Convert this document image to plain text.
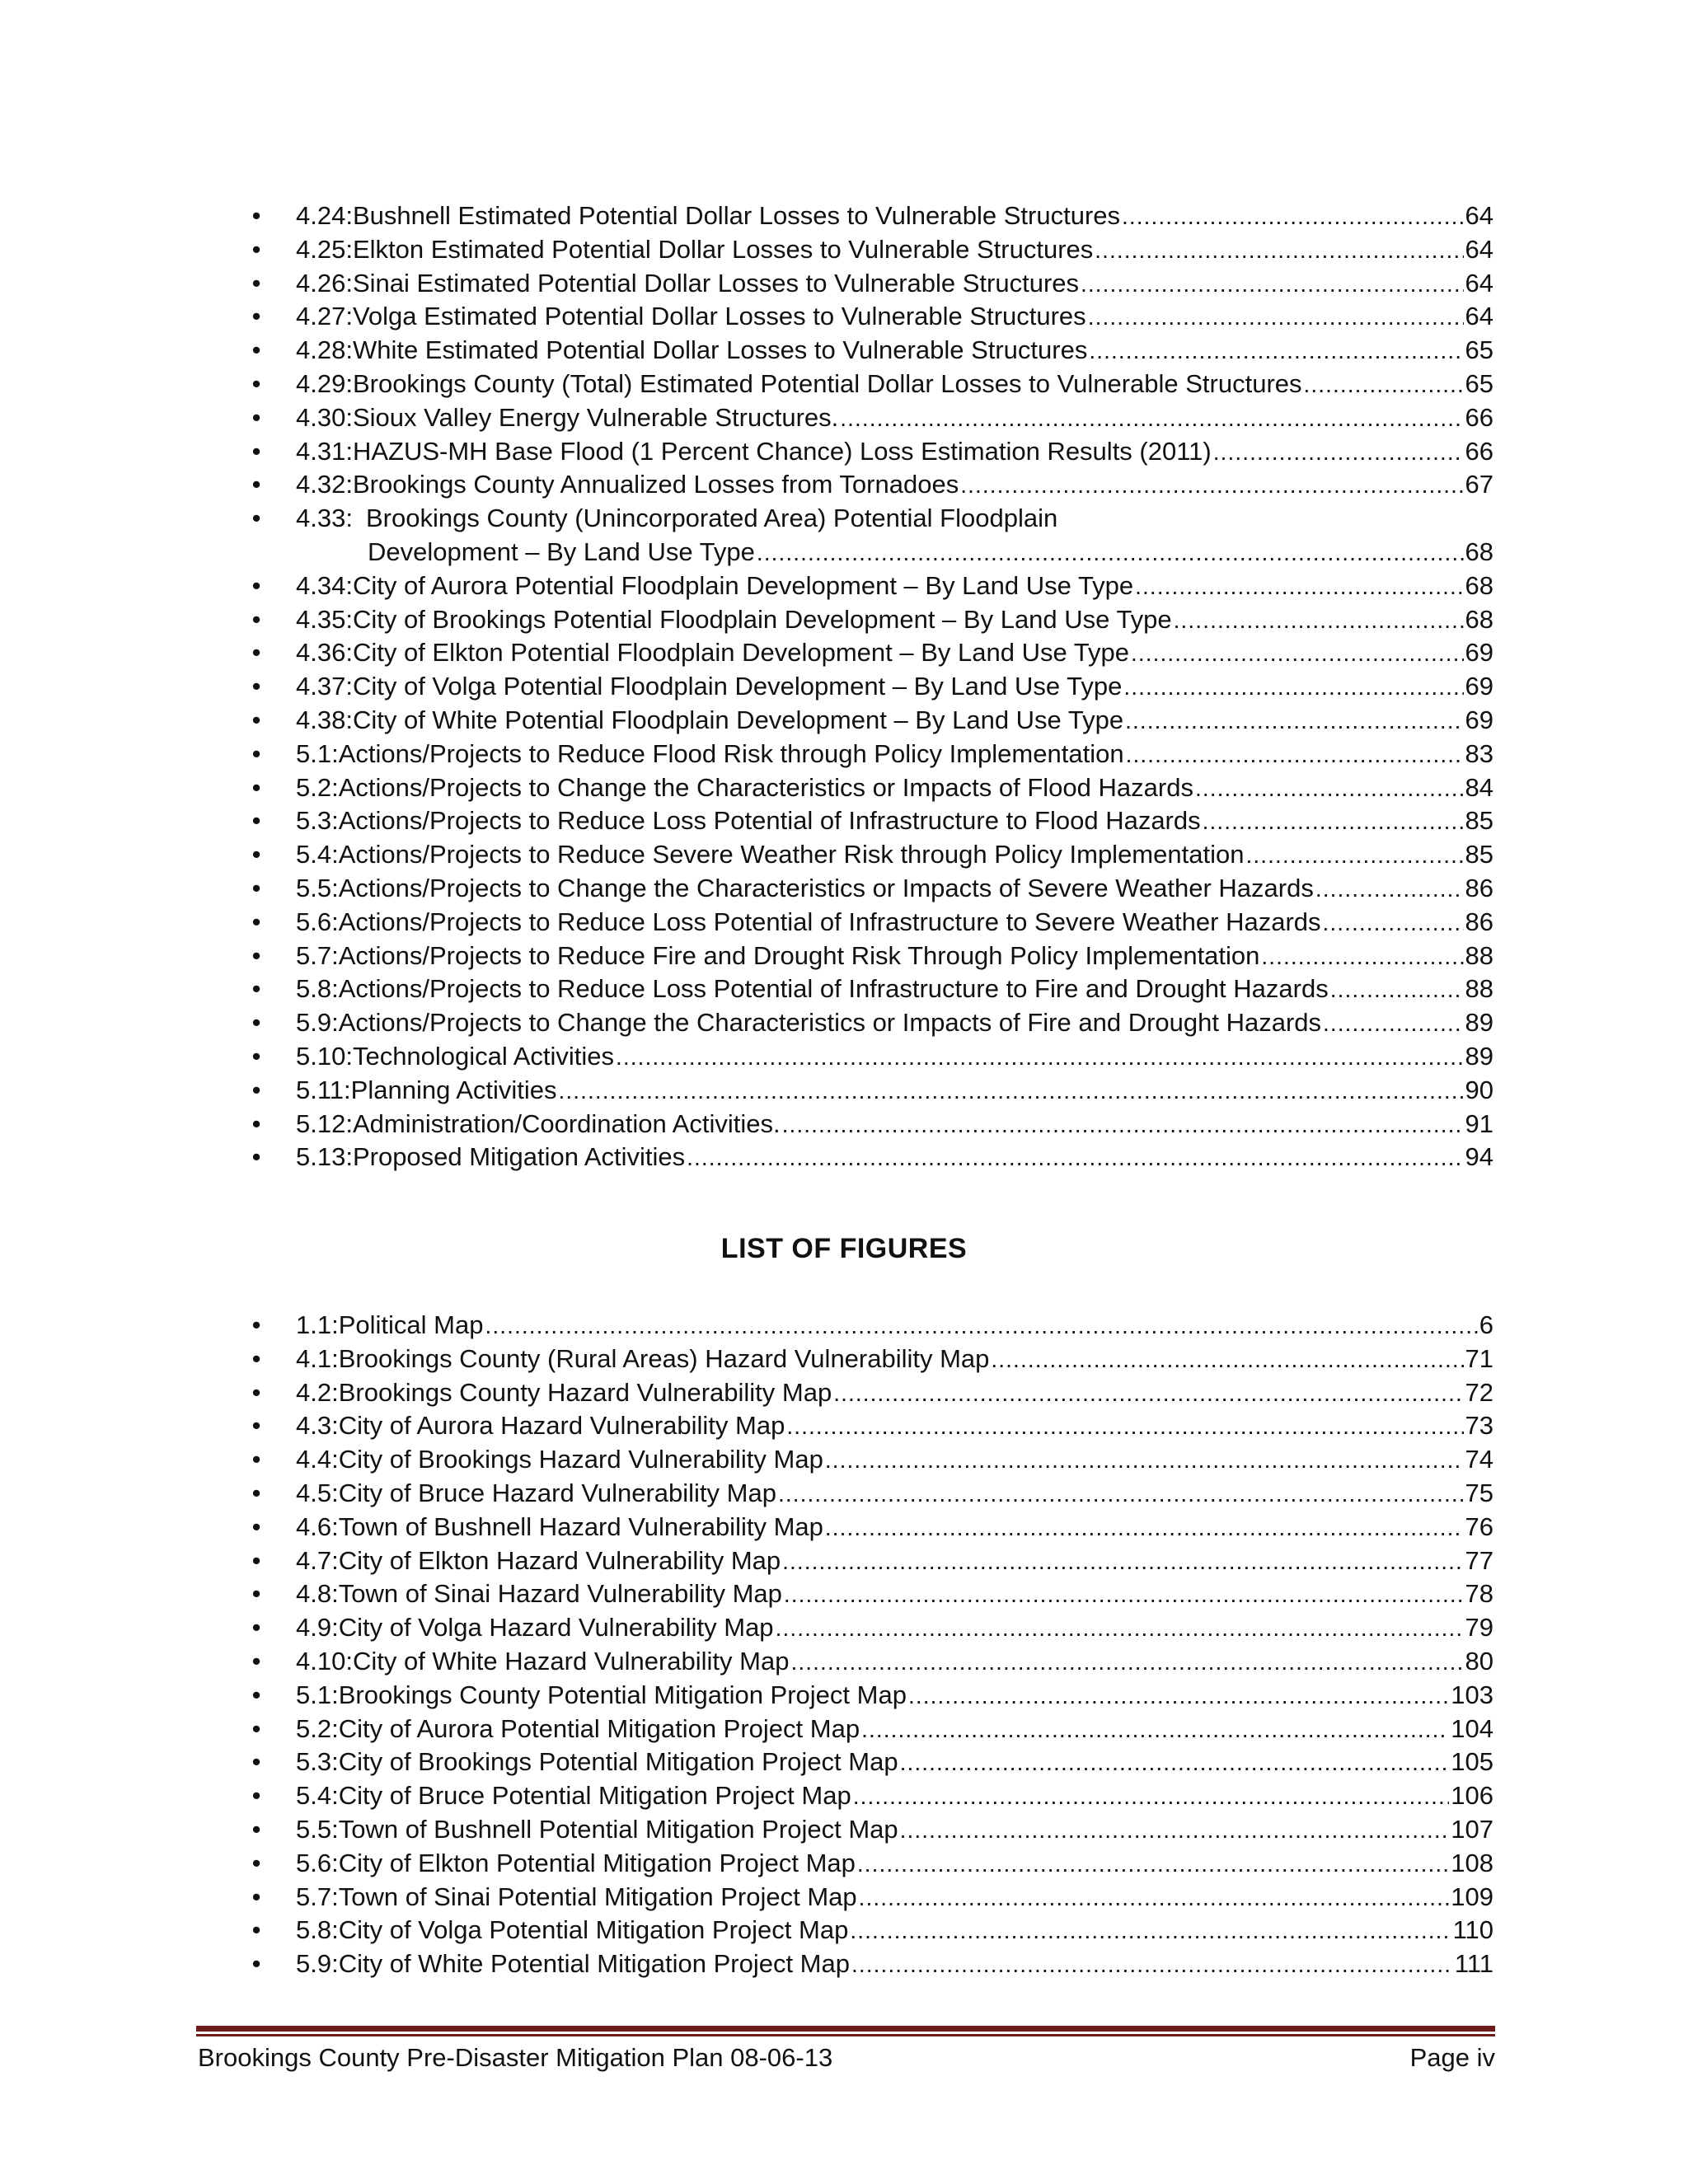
• 4.24: Bushnell Estimated Potential Dollar Losses to Vulnerable Structures .....	64
• 4.25: Elkton Estimated Potential Dollar Losses to Vulnerable Structures .....	64
• 4.26: Sinai Estimated Potential Dollar Losses to Vulnerable Structures .....	64
• 4.27: Volga Estimated Potential Dollar Losses to Vulnerable Structures .....	64
• 4.28: White Estimated Potential Dollar Losses to Vulnerable Structures .....	65
• 4.29: Brookings County (Total) Estimated Potential Dollar Losses to Vulnerable Structures .....	65
• 4.30: Sioux Valley Energy Vulnerable Structures. .....	66
• 4.31: HAZUS-MH Base Flood (1 Percent Chance) Loss Estimation Results (2011) .....	66
• 4.32: Brookings County Annualized Losses from Tornadoes .....	67
• 4.33: Brookings County (Unincorporated Area) Potential Floodplain
Development – By Land Use Type .....	68
• 4.34: City of Aurora Potential Floodplain Development – By Land Use Type .....	68
• 4.35: City of Brookings Potential Floodplain Development – By Land Use Type .....	68
• 4.36: City of Elkton Potential Floodplain Development – By Land Use Type .....	69
• 4.37: City of Volga Potential Floodplain Development – By Land Use Type .....	69
• 4.38: City of White Potential Floodplain Development – By Land Use Type .....	69
• 5.1: Actions/Projects to Reduce Flood Risk through Policy Implementation .....	83
• 5.2: Actions/Projects to Change the Characteristics or Impacts of Flood Hazards .....	84
• 5.3: Actions/Projects to Reduce Loss Potential of Infrastructure to Flood Hazards .....	85
• 5.4: Actions/Projects to Reduce Severe Weather Risk through Policy Implementation .....	85
• 5.5: Actions/Projects to Change the Characteristics or Impacts of Severe Weather Hazards .....	86
• 5.6: Actions/Projects to Reduce Loss Potential of Infrastructure to Severe Weather Hazards .....	86
• 5.7: Actions/Projects to Reduce Fire and Drought Risk Through Policy Implementation .....	88
• 5.8: Actions/Projects to Reduce Loss Potential of Infrastructure to Fire and Drought Hazards .....	88
• 5.9: Actions/Projects to Change the Characteristics or Impacts of Fire and Drought Hazards .....	89
• 5.10: Technological Activities .....	89
• 5.11: Planning Activities .....	90
• 5.12: Administration/Coordination Activities. .....	91
• 5.13: Proposed Mitigation Activities .....	94
LIST OF FIGURES
• 1.1: Political Map .....	6
• 4.1: Brookings County (Rural Areas) Hazard Vulnerability Map .....	71
• 4.2: Brookings County Hazard Vulnerability Map .....	72
• 4.3: City of Aurora Hazard Vulnerability Map .....	73
• 4.4: City of Brookings Hazard Vulnerability Map .....	74
• 4.5: City of Bruce Hazard Vulnerability Map .....	75
• 4.6: Town of Bushnell Hazard Vulnerability Map .....	76
• 4.7: City of Elkton Hazard Vulnerability Map .....	77
• 4.8: Town of Sinai Hazard Vulnerability Map .....	78
• 4.9: City of Volga Hazard Vulnerability Map .....	79
• 4.10: City of White Hazard Vulnerability Map .....	80
• 5.1: Brookings County Potential Mitigation Project Map .....	103
• 5.2: City of Aurora Potential Mitigation Project Map .....	104
• 5.3: City of Brookings Potential Mitigation Project Map .....	105
• 5.4: City of Bruce Potential Mitigation Project Map .....	106
• 5.5: Town of Bushnell Potential Mitigation Project Map .....	107
• 5.6: City of Elkton Potential Mitigation Project Map .....	108
• 5.7: Town of Sinai Potential Mitigation Project Map .....	109
• 5.8: City of Volga Potential Mitigation Project Map .....	110
• 5.9: City of White Potential Mitigation Project Map .....	111
Brookings County Pre-Disaster Mitigation Plan 08-06-13	Page iv
